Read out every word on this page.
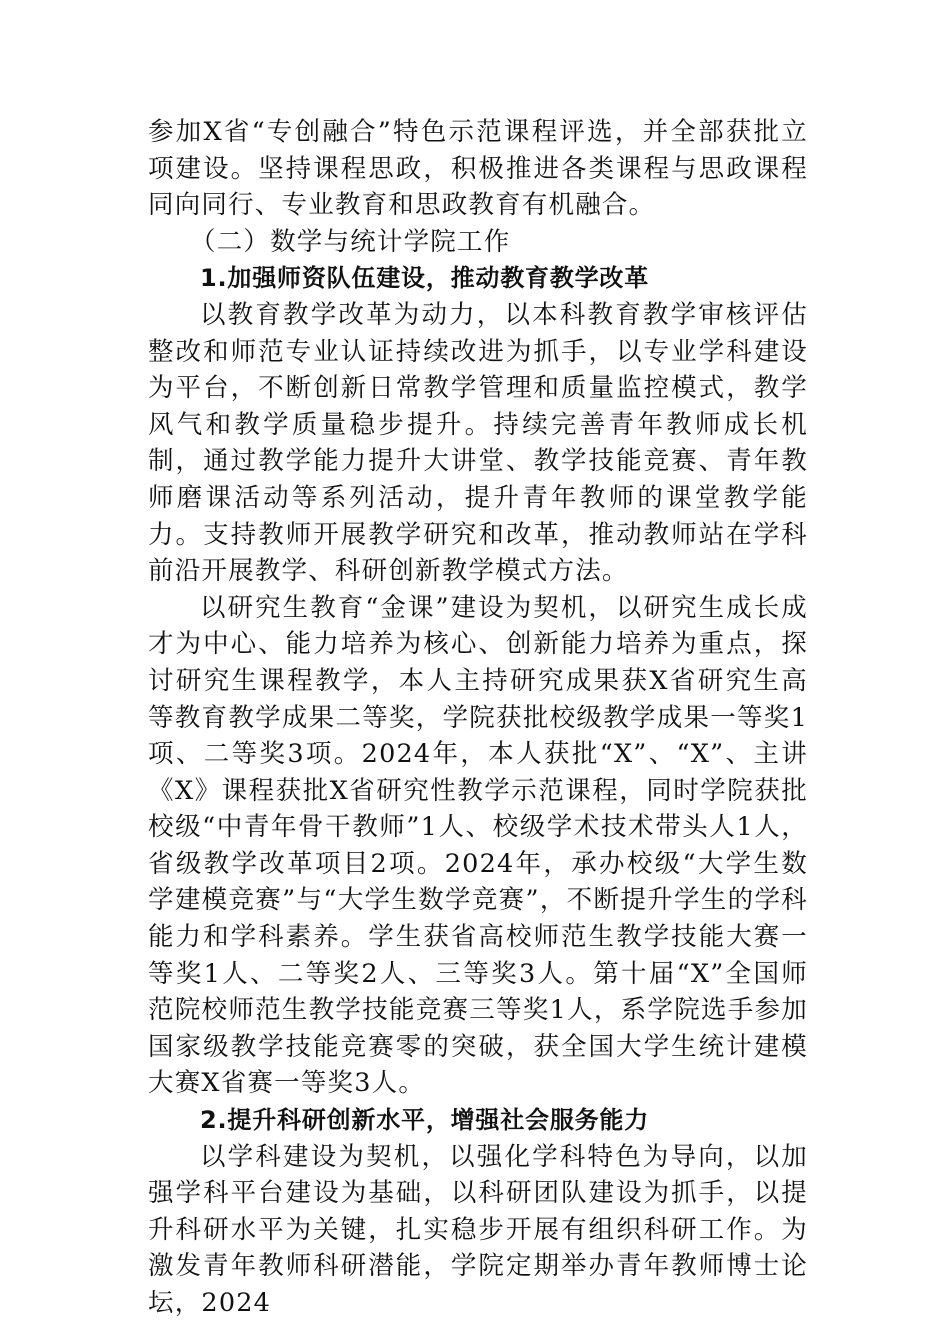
参加X省“专创融合”特色示范课程评选，并全部获批立项建设。坚持课程思政，积极推进各类课程与思政课程同向同行、专业教育和思政教育有机融合。

（二）数学与统计学院工作

1.加强师资队伍建设，推动教育教学改革

以教育教学改革为动力，以本科教育教学审核评估整改和师范专业认证持续改进为抓手，以专业学科建设为平台，不断创新日常教学管理和质量监控模式，教学风气和教学质量稳步提升。持续完善青年教师成长机制，通过教学能力提升大讲堂、教学技能竞赛、青年教师磨课活动等系列活动，提升青年教师的课堂教学能力。支持教师开展教学研究和改革，推动教师站在学科前沿开展教学、科研创新教学模式方法。

以研究生教育“金课”建设为契机，以研究生成长成才为中心、能力培养为核心、创新能力培养为重点，探讨研究生课程教学，本人主持研究成果获X省研究生高等教育教学成果二等奖，学院获批校级教学成果一等奖1项、二等奖3项。2024年，本人获批“X”、“X”、主讲《X》课程获批X省研究性教学示范课程，同时学院获批校级“中青年骨干教师”1人、校级学术技术带头人1人，省级教学改革项目2项。2024年，承办校级“大学生数学建模竞赛”与“大学生数学竞赛”，不断提升学生的学科能力和学科素养。学生获省高校师范生教学技能大赛一等奖1人、二等奖2人、三等奖3人。第十届“X”全国师范院校师范生教学技能竞赛三等奖1人，系学院选手参加国家级教学技能竞赛零的突破，获全国大学生统计建模大赛X省赛一等奖3人。

2.提升科研创新水平，增强社会服务能力

以学科建设为契机，以强化学科特色为导向，以加强学科平台建设为基础，以科研团队建设为抓手，以提升科研水平为关键，扎实稳步开展有组织科研工作。为激发青年教师科研潜能，学院定期举办青年教师博士论坛，2024
